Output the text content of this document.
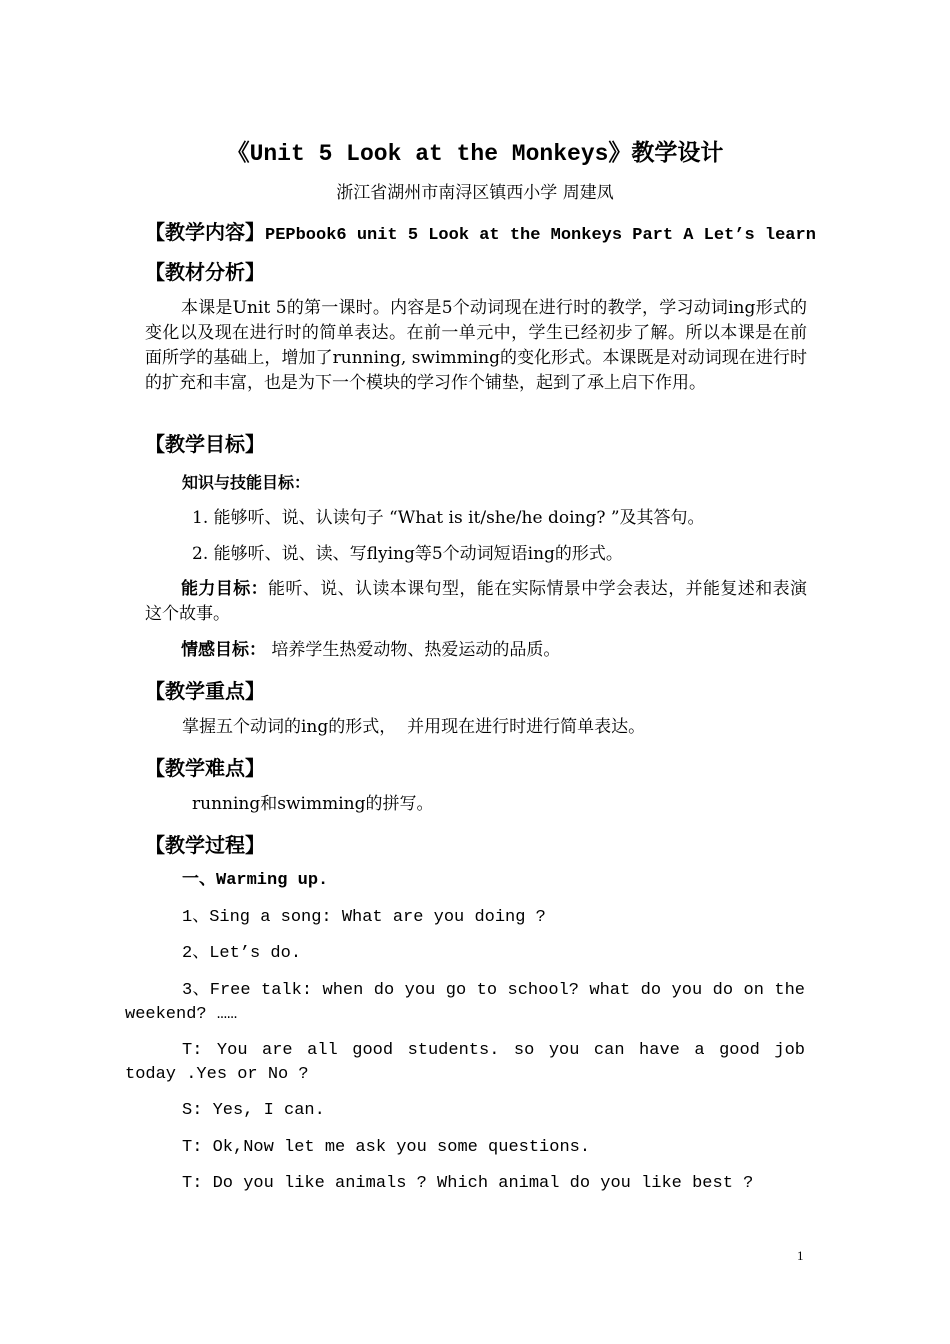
《Unit 5 Look at the Monkeys》教学设计
浙江省湖州市南浔区镇西小学 周建凤
【教学内容】PEPbook6 unit 5 Look at the Monkeys Part A Let’s learn
【教材分析】
本课是Unit 5的第一课时。内容是5个动词现在进行时的教学，学习动词ing形式的变化以及现在进行时的简单表达。在前一单元中，学生已经初步了解。所以本课是在前面所学的基础上，增加了running, swimming的变化形式。本课既是对动词现在进行时的扩充和丰富，也是为下一个模块的学习作个铺垫，起到了承上启下作用。
【教学目标】
知识与技能目标：
1. 能够听、说、认读句子 “What is it/she/he doing? ”及其答句。
2. 能够听、说、读、写flying等5个动词短语ing的形式。
能力目标：能听、说、认读本课句型，能在实际情景中学会表达，并能复述和表演这个故事。
情感目标： 培养学生热爱动物、热爱运动的品质。
【教学重点】
掌握五个动词的ing的形式，  并用现在进行时进行简单表达。
【教学难点】
running和swimming的拼写。
【教学过程】
一、Warming up.
1、Sing a song: What are you doing ?
2、Let’s do.
3、Free talk: when do you go to school? what do you do on the weekend? ……
T: You are all good students. so you can have a good job today .Yes or No ?
S: Yes, I can.
T: Ok,Now let me ask you some questions.
T: Do you like animals ? Which animal do you like best ?
1
